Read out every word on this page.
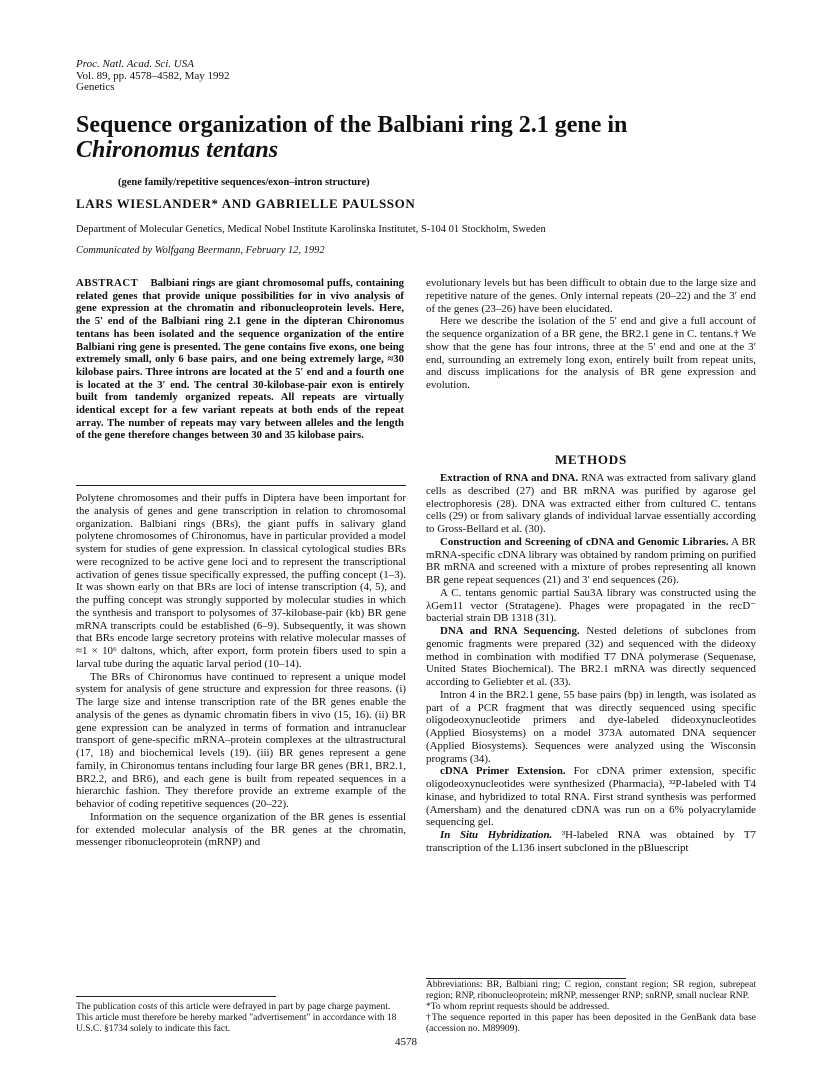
Proc. Natl. Acad. Sci. USA
Vol. 89, pp. 4578–4582, May 1992
Genetics
Sequence organization of the Balbiani ring 2.1 gene in
Chironomus tentans
(gene family/repetitive sequences/exon–intron structure)
LARS WIESLANDER* AND GABRIELLE PAULSSON
Department of Molecular Genetics, Medical Nobel Institute Karolinska Institutet, S-104 01 Stockholm, Sweden
Communicated by Wolfgang Beermann, February 12, 1992
ABSTRACT Balbiani rings are giant chromosomal puffs, containing related genes that provide unique possibilities for in vivo analysis of gene expression at the chromatin and ribonucleoprotein levels. Here, the 5′ end of the Balbiani ring 2.1 gene in the dipteran Chironomus tentans has been isolated and the sequence organization of the entire Balbiani ring gene is presented. The gene contains five exons, one being extremely small, only 6 base pairs, and one being extremely large, ≈30 kilobase pairs. Three introns are located at the 5′ end and a fourth one is located at the 3′ end. The central 30-kilobase-pair exon is entirely built from tandemly organized repeats. All repeats are virtually identical except for a few variant repeats at both ends of the repeat array. The number of repeats may vary between alleles and the length of the gene therefore changes between 30 and 35 kilobase pairs.

Polytene chromosomes and their puffs in Diptera have been important for the analysis of genes and gene transcription in relation to chromosomal organization. Balbiani rings (BRs), the giant puffs in salivary gland polytene chromosomes of Chironomus, have in particular provided a model system for studies of gene expression. In classical cytological studies BRs were recognized to be active gene loci and to represent the transcriptional activation of genes tissue specifically expressed, the puffing concept (1–3). It was shown early on that BRs are loci of intense transcription (4, 5), and the puffing concept was strongly supported by molecular studies in which the synthesis and transport to polysomes of 37-kilobase-pair (kb) BR gene mRNA transcripts could be established (6–9). Subsequently, it was shown that BRs encode large secretory proteins with relative molecular masses of ≈1 × 10⁶ daltons, which, after export, form protein fibers used to spin a larval tube during the aquatic larval period (10–14).

The BRs of Chironomus have continued to represent a unique model system for analysis of gene structure and expression for three reasons. (i) The large size and intense transcription rate of the BR genes enable the analysis of the genes as dynamic chromatin fibers in vivo (15, 16). (ii) BR gene expression can be analyzed in terms of formation and intranuclear transport of gene-specific mRNA–protein complexes at the ultrastructural (17, 18) and biochemical levels (19). (iii) BR genes represent a gene family, in Chironomus tentans including four large BR genes (BR1, BR2.1, BR2.2, and BR6), and each gene is built from repeated sequences in a hierarchic fashion. They therefore provide an extreme example of the behavior of coding repetitive sequences (20–22).

Information on the sequence organization of the BR genes is essential for extended molecular analysis of the BR genes at the chromatin, messenger ribonucleoprotein (mRNP) and

evolutionary levels but has been difficult to obtain due to the large size and repetitive nature of the genes. Only internal repeats (20–22) and the 3′ end of the genes (23–26) have been elucidated.

Here we describe the isolation of the 5′ end and give a full account of the sequence organization of a BR gene, the BR2.1 gene in C. tentans.† We show that the gene has four introns, three at the 5′ end and one at the 3′ end, surrounding an extremely long exon, entirely built from repeat units, and discuss implications for the analysis of BR gene expression and evolution.

METHODS

Extraction of RNA and DNA. RNA was extracted from salivary gland cells as described (27) and BR mRNA was purified by agarose gel electrophoresis (28). DNA was extracted either from cultured C. tentans cells (29) or from salivary glands of individual larvae essentially according to Gross-Bellard et al. (30).

Construction and Screening of cDNA and Genomic Libraries. A BR mRNA-specific cDNA library was obtained by random priming on purified BR mRNA and screened with a mixture of probes representing all known BR gene repeat sequences (21) and 3′ end sequences (26).

A C. tentans genomic partial Sau3A library was constructed using the λGem11 vector (Stratagene). Phages were propagated in the recD⁻ bacterial strain DB 1318 (31).

DNA and RNA Sequencing. Nested deletions of subclones from genomic fragments were prepared (32) and sequenced with the dideoxy method in combination with modified T7 DNA polymerase (Sequenase, United States Biochemical). The BR2.1 mRNA was directly sequenced according to Geliebter et al. (33).

Intron 4 in the BR2.1 gene, 55 base pairs (bp) in length, was isolated as part of a PCR fragment that was directly sequenced using specific oligodeoxynucleotide primers and dye-labeled dideoxynucleotides (Applied Biosystems) on a model 373A automated DNA sequencer (Applied Biosystems). Sequences were analyzed using the Wisconsin programs (34).

cDNA Primer Extension. For cDNA primer extension, specific oligodeoxynucleotides were synthesized (Pharmacia), ³²P-labeled with T4 kinase, and hybridized to total RNA. First strand synthesis was performed (Amersham) and the denatured cDNA was run on a 6% polyacrylamide sequencing gel.

In Situ Hybridization. ³H-labeled RNA was obtained by T7 transcription of the L136 insert subcloned in the pBluescript

Abbreviations: BR, Balbiani ring; C region, constant region; SR region, subrepeat region; RNP, ribonucleoprotein; mRNP, messenger RNP; snRNP, small nuclear RNP.
*To whom reprint requests should be addressed.
†The sequence reported in this paper has been deposited in the GenBank data base (accession no. M89909).
The publication costs of this article were defrayed in part by page charge payment. This article must therefore be hereby marked "advertisement" in accordance with 18 U.S.C. §1734 solely to indicate this fact.
4578
